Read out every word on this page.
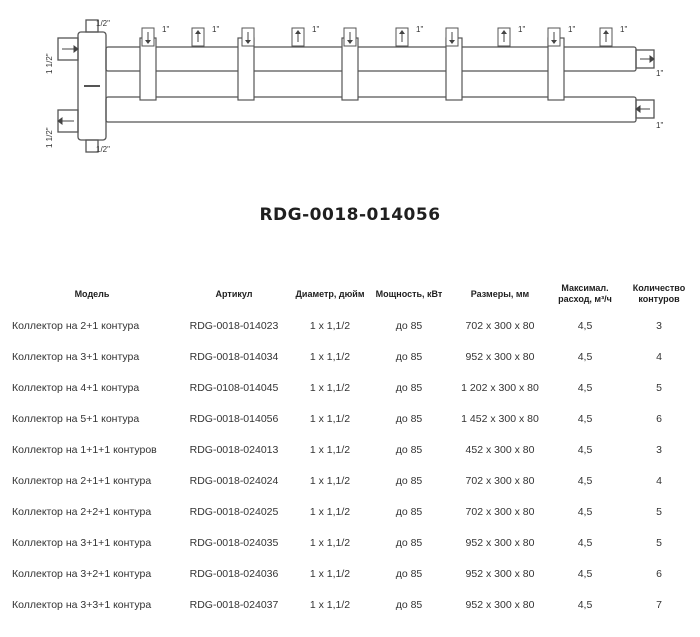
1"	1"	1"	1"	1"	1"	1"
1/2"
1/2"
1 1/2"
1 1/2"
1"
1"
RDG-0018-014056
Модель	Артикул	Диаметр, дюйм	Мощность, кВт	Размеры, мм	Максимал. расход, м³/ч	Количество контуров
Коллектор на 2+1 контура	RDG-0018-014023	1 x 1,1/2	до 85	702 x 300 x 80	4,5	3
Коллектор на 3+1 контура	RDG-0018-014034	1 x 1,1/2	до 85	952 x 300 x 80	4,5	4
Коллектор на 4+1 контура	RDG-0108-014045	1 x 1,1/2	до 85	1 202 x 300 x 80	4,5	5
Коллектор на 5+1 контура	RDG-0018-014056	1 x 1,1/2	до 85	1 452 x 300 x 80	4,5	6
Коллектор на 1+1+1 контуров	RDG-0018-024013	1 x 1,1/2	до 85	452 x 300 x 80	4,5	3
Коллектор на 2+1+1 контура	RDG-0018-024024	1 x 1,1/2	до 85	702 x 300 x 80	4,5	4
Коллектор на 2+2+1 контура	RDG-0018-024025	1 x 1,1/2	до 85	702 x 300 x 80	4,5	5
Коллектор на 3+1+1 контура	RDG-0018-024035	1 x 1,1/2	до 85	952 x 300 x 80	4,5	5
Коллектор на 3+2+1 контура	RDG-0018-024036	1 x 1,1/2	до 85	952 x 300 x 80	4,5	6
Коллектор на 3+3+1 контура	RDG-0018-024037	1 x 1,1/2	до 85	952 x 300 x 80	4,5	7
